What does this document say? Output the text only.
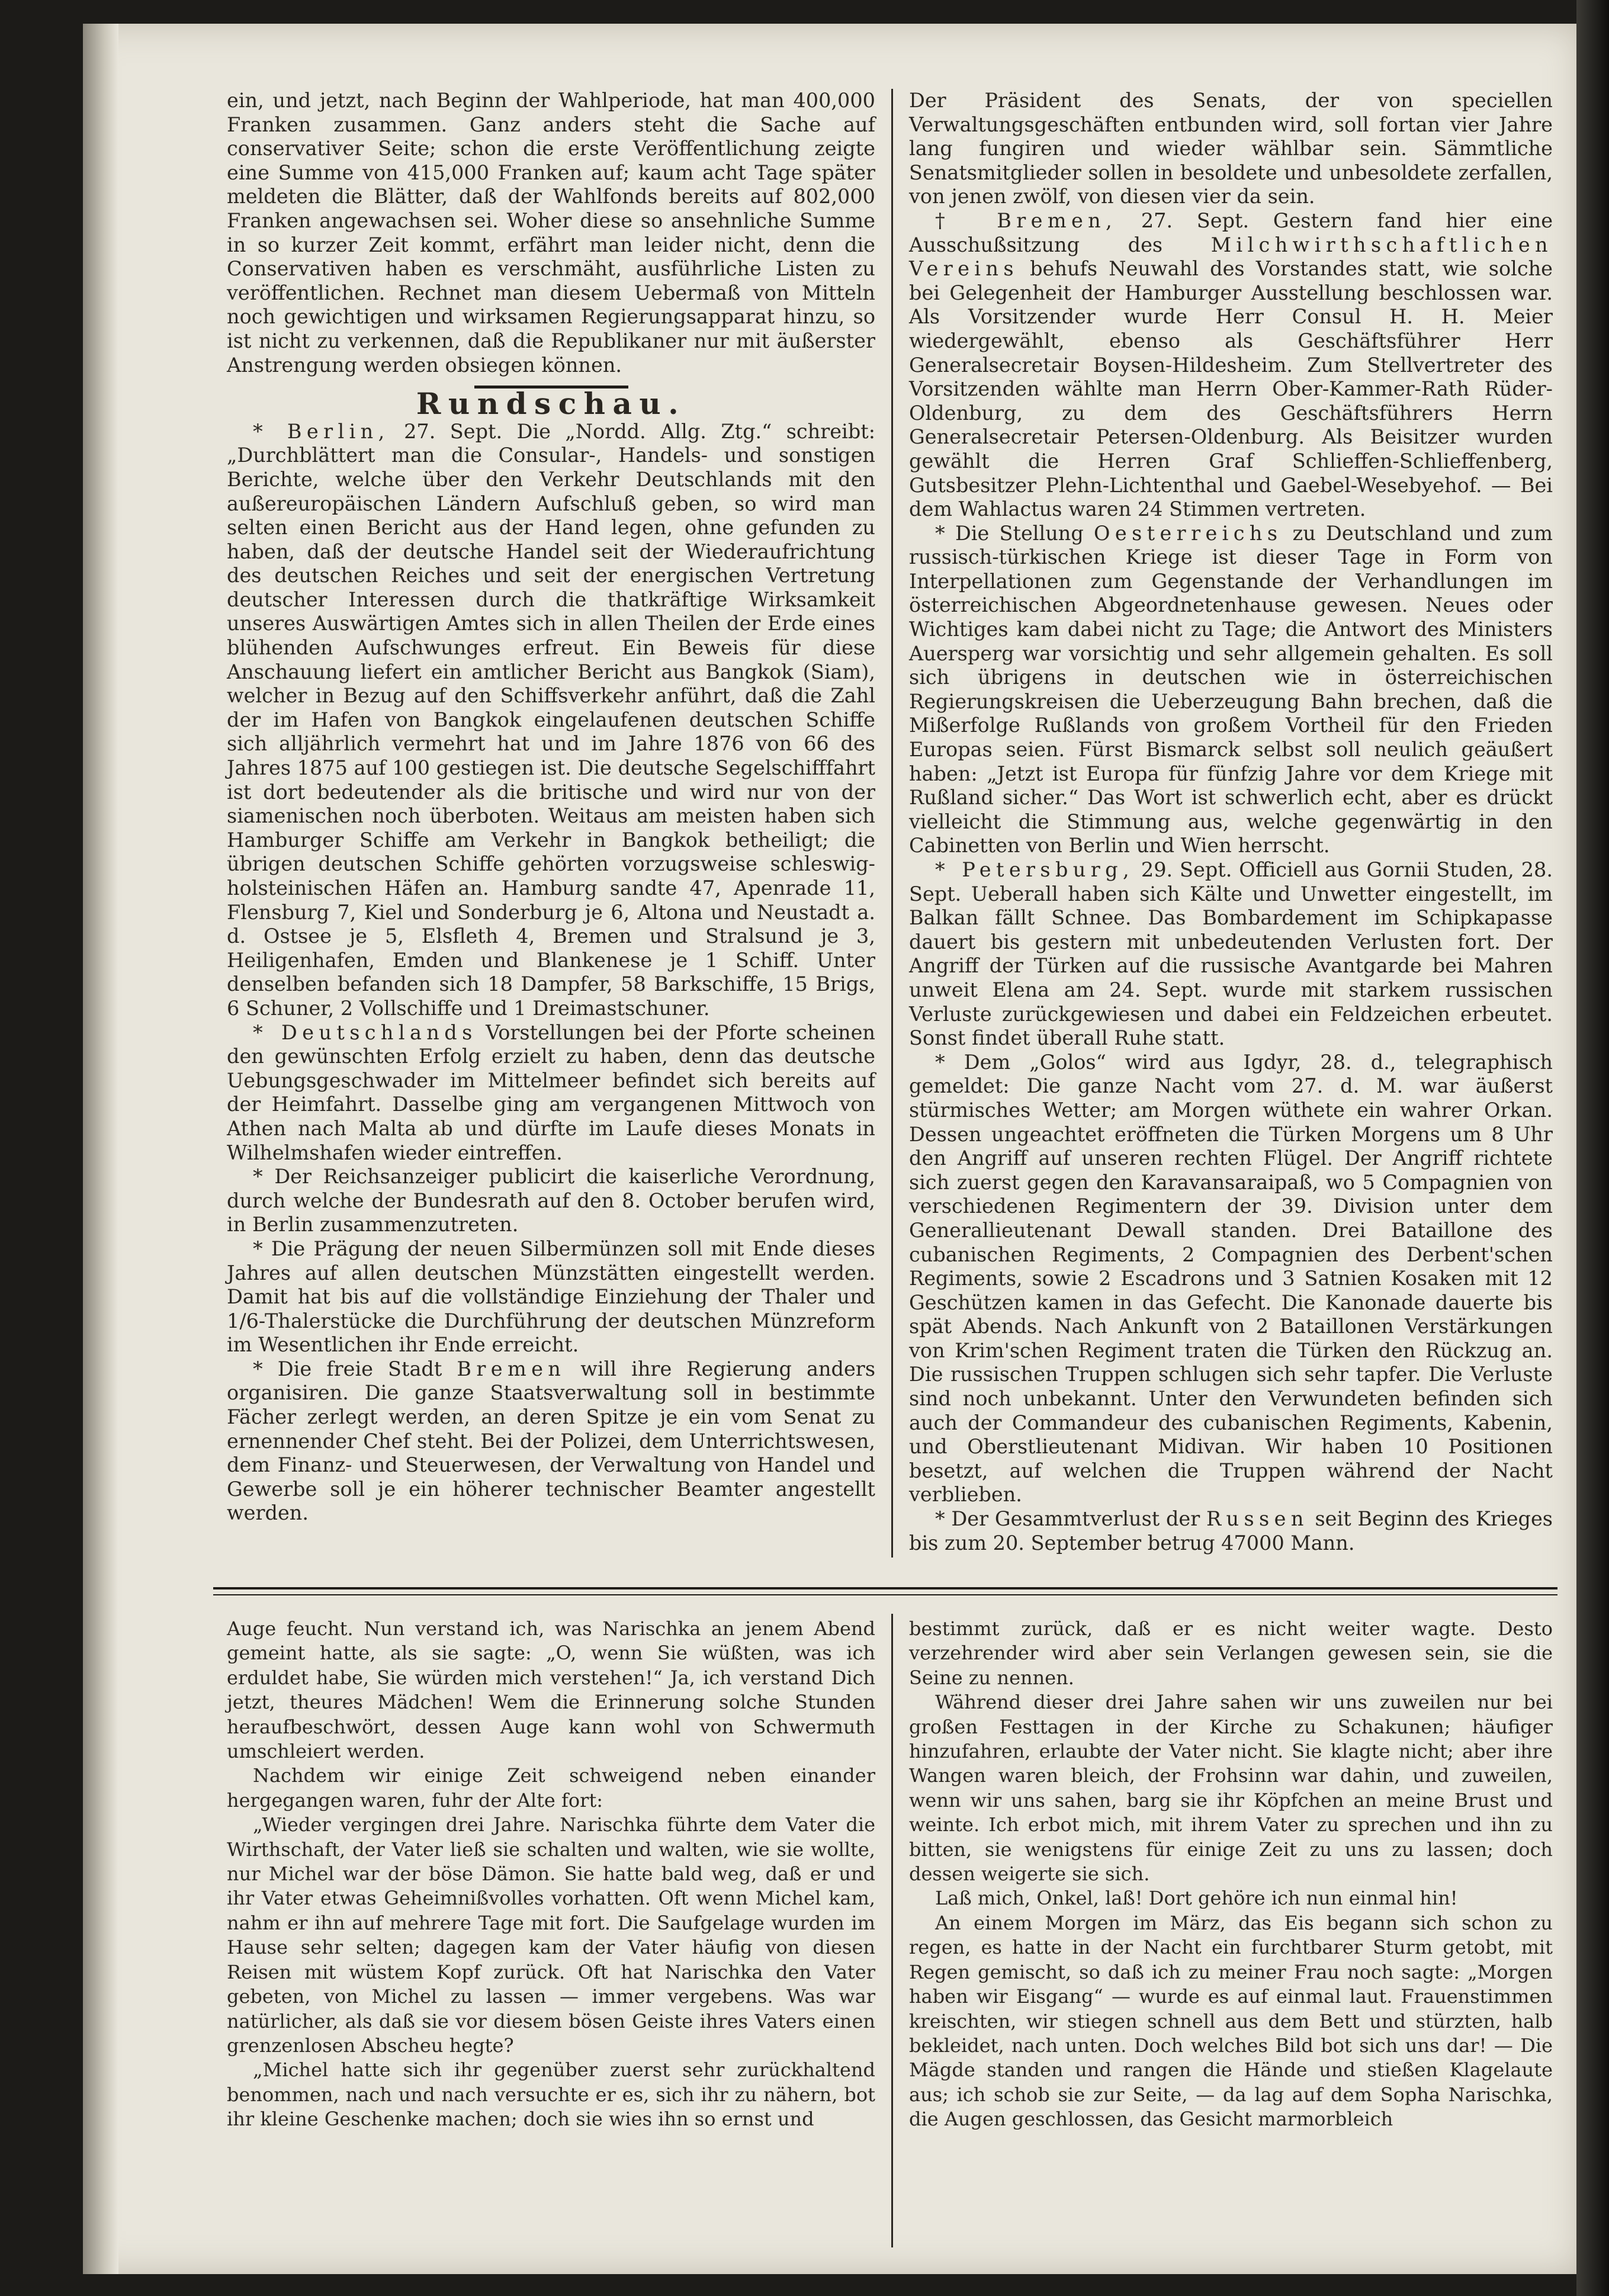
ein, und jetzt, nach Beginn der Wahlperiode, hat man 400,000 Franken zusammen. Ganz anders steht die Sache auf conservativer Seite; schon die erste Veröffentlichung zeigte eine Summe von 415,000 Franken auf; kaum acht Tage später meldeten die Blätter, daß der Wahlfonds bereits auf 802,000 Franken angewachsen sei. Woher diese so ansehnliche Summe in so kurzer Zeit kommt, erfährt man leider nicht, denn die Conservativen haben es verschmäht, ausführliche Listen zu veröffentlichen. Rechnet man diesem Uebermaß von Mitteln noch gewichtigen und wirksamen Regierungsapparat hinzu, so ist nicht zu verkennen, daß die Republikaner nur mit äußerster Anstrengung werden obsiegen können.

Rundschau.

* Berlin, 27. Sept. Die „Nordd. Allg. Ztg.“ schreibt: „Durchblättert man die Consular-, Handels- und sonstigen Berichte, welche über den Verkehr Deutschlands mit den außereuropäischen Ländern Aufschluß geben, so wird man selten einen Bericht aus der Hand legen, ohne gefunden zu haben, daß der deutsche Handel seit der Wiederaufrichtung des deutschen Reiches und seit der energischen Vertretung deutscher Interessen durch die thatkräftige Wirksamkeit unseres Auswärtigen Amtes sich in allen Theilen der Erde eines blühenden Aufschwunges erfreut. Ein Beweis für diese Anschauung liefert ein amtlicher Bericht aus Bangkok (Siam), welcher in Bezug auf den Schiffsverkehr anführt, daß die Zahl der im Hafen von Bangkok eingelaufenen deutschen Schiffe sich alljährlich vermehrt hat und im Jahre 1876 von 66 des Jahres 1875 auf 100 gestiegen ist. Die deutsche Segelschifffahrt ist dort bedeutender als die britische und wird nur von der siamenischen noch überboten. Weitaus am meisten haben sich Hamburger Schiffe am Verkehr in Bangkok betheiligt; die übrigen deutschen Schiffe gehörten vorzugsweise schleswig-holsteinischen Häfen an. Hamburg sandte 47, Apenrade 11, Flensburg 7, Kiel und Sonderburg je 6, Altona und Neustadt a. d. Ostsee je 5, Elsfleth 4, Bremen und Stralsund je 3, Heiligenhafen, Emden und Blankenese je 1 Schiff. Unter denselben befanden sich 18 Dampfer, 58 Barkschiffe, 15 Brigs, 6 Schuner, 2 Vollschiffe und 1 Dreimastschuner.

* Deutschlands Vorstellungen bei der Pforte scheinen den gewünschten Erfolg erzielt zu haben, denn das deutsche Uebungsgeschwader im Mittelmeer befindet sich bereits auf der Heimfahrt. Dasselbe ging am vergangenen Mittwoch von Athen nach Malta ab und dürfte im Laufe dieses Monats in Wilhelmshafen wieder eintreffen.

* Der Reichsanzeiger publicirt die kaiserliche Verordnung, durch welche der Bundesrath auf den 8. October berufen wird, in Berlin zusammenzutreten.

* Die Prägung der neuen Silbermünzen soll mit Ende dieses Jahres auf allen deutschen Münzstätten eingestellt werden. Damit hat bis auf die vollständige Einziehung der Thaler und 1/6-Thalerstücke die Durchführung der deutschen Münzreform im Wesentlichen ihr Ende erreicht.

* Die freie Stadt Bremen will ihre Regierung anders organisiren. Die ganze Staatsverwaltung soll in bestimmte Fächer zerlegt werden, an deren Spitze je ein vom Senat zu ernennender Chef steht. Bei der Polizei, dem Unterrichtswesen, dem Finanz- und Steuerwesen, der Verwaltung von Handel und Gewerbe soll je ein höherer technischer Beamter angestellt werden.

Der Präsident des Senats, der von speciellen Verwaltungsgeschäften entbunden wird, soll fortan vier Jahre lang fungiren und wieder wählbar sein. Sämmtliche Senatsmitglieder sollen in besoldete und unbesoldete zerfallen, von jenen zwölf, von diesen vier da sein.

† Bremen, 27. Sept. Gestern fand hier eine Ausschußsitzung des Milchwirthschaftlichen Vereins behufs Neuwahl des Vorstandes statt, wie solche bei Gelegenheit der Hamburger Ausstellung beschlossen war. Als Vorsitzender wurde Herr Consul H. H. Meier wiedergewählt, ebenso als Geschäftsführer Herr Generalsecretair Boysen-Hildesheim. Zum Stellvertreter des Vorsitzenden wählte man Herrn Ober-Kammer-Rath Rüder-Oldenburg, zu dem des Geschäftsführers Herrn Generalsecretair Petersen-Oldenburg. Als Beisitzer wurden gewählt die Herren Graf Schlieffen-Schlieffenberg, Gutsbesitzer Plehn-Lichtenthal und Gaebel-Wesebyehof. — Bei dem Wahlactus waren 24 Stimmen vertreten.

* Die Stellung Oesterreichs zu Deutschland und zum russisch-türkischen Kriege ist dieser Tage in Form von Interpellationen zum Gegenstande der Verhandlungen im österreichischen Abgeordnetenhause gewesen. Neues oder Wichtiges kam dabei nicht zu Tage; die Antwort des Ministers Auersperg war vorsichtig und sehr allgemein gehalten. Es soll sich übrigens in deutschen wie in österreichischen Regierungskreisen die Ueberzeugung Bahn brechen, daß die Mißerfolge Rußlands von großem Vortheil für den Frieden Europas seien. Fürst Bismarck selbst soll neulich geäußert haben: „Jetzt ist Europa für fünfzig Jahre vor dem Kriege mit Rußland sicher.“ Das Wort ist schwerlich echt, aber es drückt vielleicht die Stimmung aus, welche gegenwärtig in den Cabinetten von Berlin und Wien herrscht.

* Petersburg, 29. Sept. Officiell aus Gornii Studen, 28. Sept. Ueberall haben sich Kälte und Unwetter eingestellt, im Balkan fällt Schnee. Das Bombardement im Schipkapasse dauert bis gestern mit unbedeutenden Verlusten fort. Der Angriff der Türken auf die russische Avantgarde bei Mahren unweit Elena am 24. Sept. wurde mit starkem russischen Verluste zurückgewiesen und dabei ein Feldzeichen erbeutet. Sonst findet überall Ruhe statt.

* Dem „Golos“ wird aus Igdyr, 28. d., telegraphisch gemeldet: Die ganze Nacht vom 27. d. M. war äußerst stürmisches Wetter; am Morgen wüthete ein wahrer Orkan. Dessen ungeachtet eröffneten die Türken Morgens um 8 Uhr den Angriff auf unseren rechten Flügel. Der Angriff richtete sich zuerst gegen den Karavansaraipaß, wo 5 Compagnien von verschiedenen Regimentern der 39. Division unter dem Generallieutenant Dewall standen. Drei Bataillone des cubanischen Regiments, 2 Compagnien des Derbent'schen Regiments, sowie 2 Escadrons und 3 Satnien Kosaken mit 12 Geschützen kamen in das Gefecht. Die Kanonade dauerte bis spät Abends. Nach Ankunft von 2 Bataillonen Verstärkungen von Krim'schen Regiment traten die Türken den Rückzug an. Die russischen Truppen schlugen sich sehr tapfer. Die Verluste sind noch unbekannt. Unter den Verwundeten befinden sich auch der Commandeur des cubanischen Regiments, Kabenin, und Oberstlieutenant Midivan. Wir haben 10 Positionen besetzt, auf welchen die Truppen während der Nacht verblieben.

* Der Gesammtverlust der Russen seit Beginn des Krieges bis zum 20. September betrug 47000 Mann.

Auge feucht. Nun verstand ich, was Narischka an jenem Abend gemeint hatte, als sie sagte: „O, wenn Sie wüßten, was ich erduldet habe, Sie würden mich verstehen!“ Ja, ich verstand Dich jetzt, theures Mädchen! Wem die Erinnerung solche Stunden heraufbeschwört, dessen Auge kann wohl von Schwermuth umschleiert werden.

Nachdem wir einige Zeit schweigend neben einander hergegangen waren, fuhr der Alte fort:

„Wieder vergingen drei Jahre. Narischka führte dem Vater die Wirthschaft, der Vater ließ sie schalten und walten, wie sie wollte, nur Michel war der böse Dämon. Sie hatte bald weg, daß er und ihr Vater etwas Geheimnißvolles vorhatten. Oft wenn Michel kam, nahm er ihn auf mehrere Tage mit fort. Die Saufgelage wurden im Hause sehr selten; dagegen kam der Vater häufig von diesen Reisen mit wüstem Kopf zurück. Oft hat Narischka den Vater gebeten, von Michel zu lassen — immer vergebens. Was war natürlicher, als daß sie vor diesem bösen Geiste ihres Vaters einen grenzenlosen Abscheu hegte?

„Michel hatte sich ihr gegenüber zuerst sehr zurückhaltend benommen, nach und nach versuchte er es, sich ihr zu nähern, bot ihr kleine Geschenke machen; doch sie wies ihn so ernst und

bestimmt zurück, daß er es nicht weiter wagte. Desto verzehrender wird aber sein Verlangen gewesen sein, sie die Seine zu nennen.

Während dieser drei Jahre sahen wir uns zuweilen nur bei großen Festtagen in der Kirche zu Schakunen; häufiger hinzufahren, erlaubte der Vater nicht. Sie klagte nicht; aber ihre Wangen waren bleich, der Frohsinn war dahin, und zuweilen, wenn wir uns sahen, barg sie ihr Köpfchen an meine Brust und weinte. Ich erbot mich, mit ihrem Vater zu sprechen und ihn zu bitten, sie wenigstens für einige Zeit zu uns zu lassen; doch dessen weigerte sie sich.

Laß mich, Onkel, laß! Dort gehöre ich nun einmal hin!

An einem Morgen im März, das Eis begann sich schon zu regen, es hatte in der Nacht ein furchtbarer Sturm getobt, mit Regen gemischt, so daß ich zu meiner Frau noch sagte: „Morgen haben wir Eisgang“ — wurde es auf einmal laut. Frauenstimmen kreischten, wir stiegen schnell aus dem Bett und stürzten, halb bekleidet, nach unten. Doch welches Bild bot sich uns dar! — Die Mägde standen und rangen die Hände und stießen Klagelaute aus; ich schob sie zur Seite, — da lag auf dem Sopha Narischka, die Augen geschlossen, das Gesicht marmorbleich
